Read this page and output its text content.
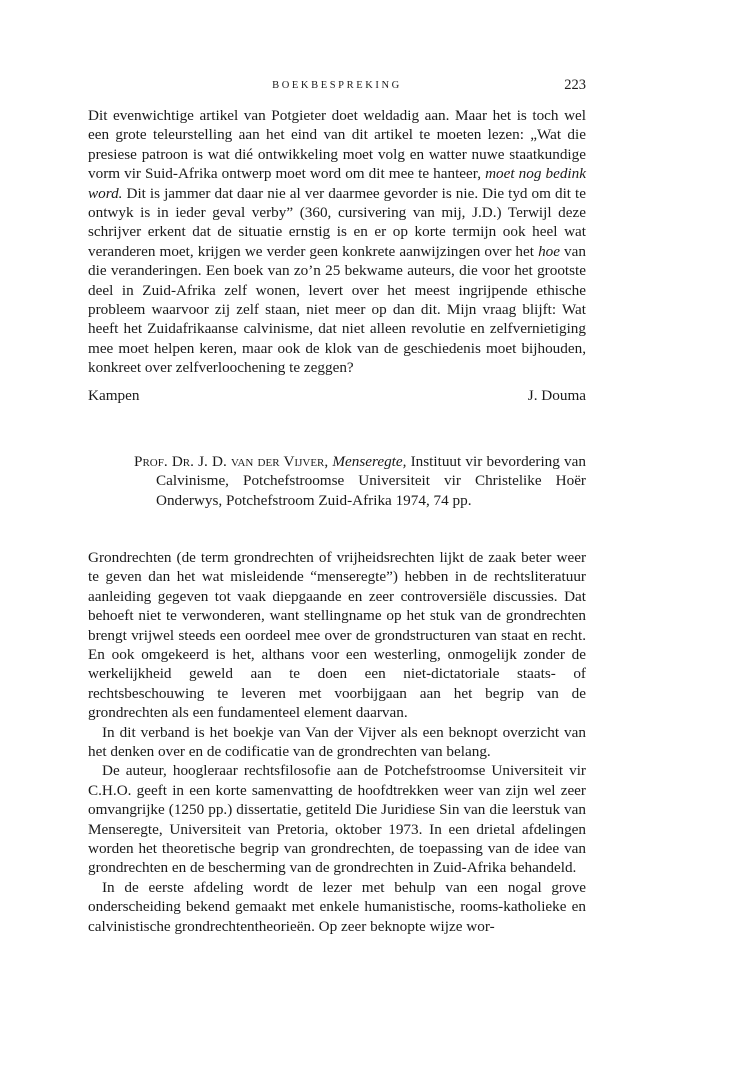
BOEKBESPREKING	223

Dit evenwichtige artikel van Potgieter doet weldadig aan. Maar het is toch wel een grote teleurstelling aan het eind van dit artikel te moeten lezen: „Wat die presiese patroon is wat dié ontwikkeling moet volg en watter nuwe staatkundige vorm vir Suid-Afrika ontwerp moet word om dit mee te hanteer, moet nog bedink word. Dit is jammer dat daar nie al ver daarmee gevorder is nie. Die tyd om dit te ontwyk is in ieder geval verby” (360, cursivering van mij, J.D.) Terwijl deze schrijver erkent dat de situatie ernstig is en er op korte termijn ook heel wat veranderen moet, krijgen we verder geen konkrete aanwijzingen over het hoe van die veranderingen. Een boek van zo’n 25 bekwame auteurs, die voor het grootste deel in Zuid-Afrika zelf wonen, levert over het meest ingrijpende ethische probleem waarvoor zij zelf staan, niet meer op dan dit. Mijn vraag blijft: Wat heeft het Zuidafrikaanse calvinisme, dat niet alleen revolutie en zelfvernietiging mee moet helpen keren, maar ook de klok van de geschiedenis moet bijhouden, konkreet over zelfverloochening te zeggen?

Kampen	J. Douma
Prof. Dr. J. D. van der Vijver, Menseregte, Instituut vir bevordering van Calvinisme, Potchefstroomse Universiteit vir Christelike Hoër Onderwys, Potchefstroom Zuid-Afrika 1974, 74 pp.

Grondrechten (de term grondrechten of vrijheidsrechten lijkt de zaak beter weer te geven dan het wat misleidende “menseregte”) hebben in de rechtsliteratuur aanleiding gegeven tot vaak diepgaande en zeer controversiële discussies. Dat behoeft niet te verwonderen, want stellingname op het stuk van de grondrechten brengt vrijwel steeds een oordeel mee over de grondstructuren van staat en recht. En ook omgekeerd is het, althans voor een westerling, onmogelijk zonder de werkelijkheid geweld aan te doen een niet-dictatoriale staats- of rechtsbeschouwing te leveren met voorbijgaan aan het begrip van de grondrechten als een fundamenteel element daarvan.

In dit verband is het boekje van Van der Vijver als een beknopt overzicht van het denken over en de codificatie van de grondrechten van belang.

De auteur, hoogleraar rechtsfilosofie aan de Potchefstroomse Universiteit vir C.H.O. geeft in een korte samenvatting de hoofdtrekken weer van zijn wel zeer omvangrijke (1250 pp.) dissertatie, getiteld Die Juridiese Sin van die leerstuk van Menseregte, Universiteit van Pretoria, oktober 1973. In een drietal afdelingen worden het theoretische begrip van grondrechten, de toepassing van de idee van grondrechten en de bescherming van de grondrechten in Zuid-Afrika behandeld.

In de eerste afdeling wordt de lezer met behulp van een nogal grove onderscheiding bekend gemaakt met enkele humanistische, rooms-katholieke en calvinistische grondrechtentheorieën. Op zeer beknopte wijze wor-
